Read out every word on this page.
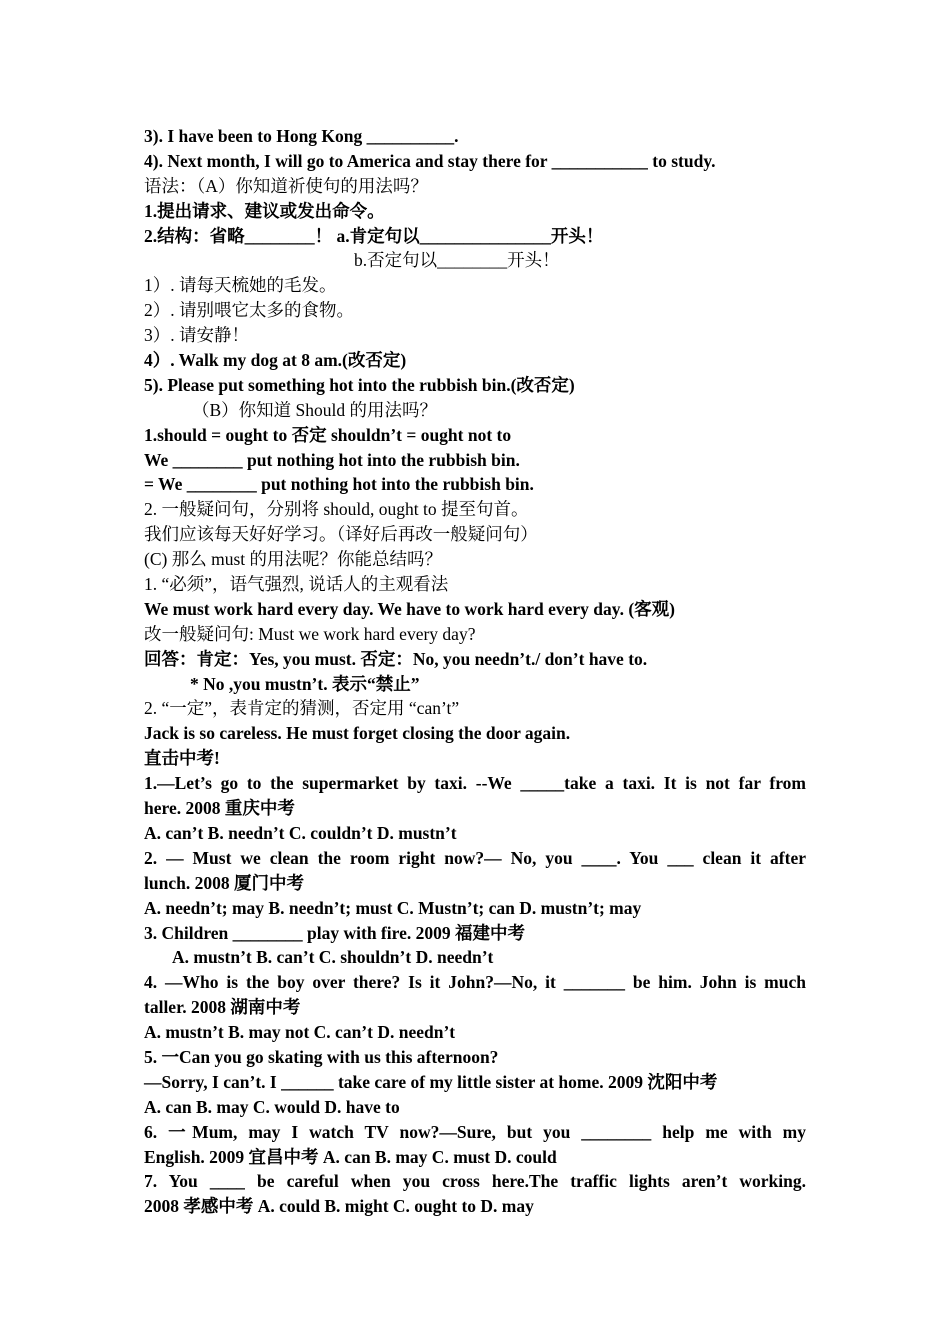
3). I have been to Hong Kong __________.
4). Next month, I will go to America and stay there for ___________ to study.
语法：（A）你知道祈使句的用法吗？
1.提出请求、建议或发出命令。
2.结构：省略________！ a.肯定句以_______________开头！
b.否定句以________开头！
1）. 请每天梳她的毛发。
2）. 请别喂它太多的食物。
3）. 请安静！
4）. Walk my dog at 8 am.(改否定)
5). Please put something hot into the rubbish bin.(改否定)
（B）你知道 Should 的用法吗？
1.should = ought to 否定 shouldn’t = ought not to
We ________ put nothing hot into the rubbish bin.
= We ________ put nothing hot into the rubbish bin.
2. 一般疑问句，分别将 should, ought to 提至句首。
我们应该每天好好学习。（译好后再改一般疑问句）
(C) 那么 must 的用法呢？你能总结吗？
1. “必须”，语气强烈, 说话人的主观看法
We must work hard every day. We have to work hard every day. (客观)
改一般疑问句: Must we work hard every day?
回答：肯定：Yes, you must. 否定：No, you needn’t./ don’t have to.
* No ,you mustn’t. 表示“禁止”
2. “一定”，表肯定的猜测，否定用 “can’t”
Jack is so careless. He must forget closing the door again.
直击中考!
1.—Let’s go to the supermarket by taxi. --We _____take a taxi. It is not far from
here. 2008 重庆中考
A. can’t B. needn’t C. couldn’t D. mustn’t
2. — Must we clean the room right now?— No, you ____. You ___ clean it after
lunch. 2008 厦门中考
A. needn’t; may B. needn’t; must C. Mustn’t; can D. mustn’t; may
3. Children ________ play with fire. 2009 福建中考
A. mustn’t B. can’t C. shouldn’t D. needn’t
4. —Who is the boy over there? Is it John?—No, it _______ be him. John is much
taller. 2008 湖南中考
A. mustn’t B. may not C. can’t D. needn’t
5. 一Can you go skating with us this afternoon?
—Sorry, I can’t. I ______ take care of my little sister at home. 2009 沈阳中考
A. can B. may C. would D. have to
6. 一Mum, may I watch TV now?—Sure, but you ________ help me with my
English. 2009 宜昌中考 A. can B. may C. must D. could
7. You ____ be careful when you cross here.The traffic lights aren’t working.
2008 孝感中考 A. could B. might C. ought to D. may
